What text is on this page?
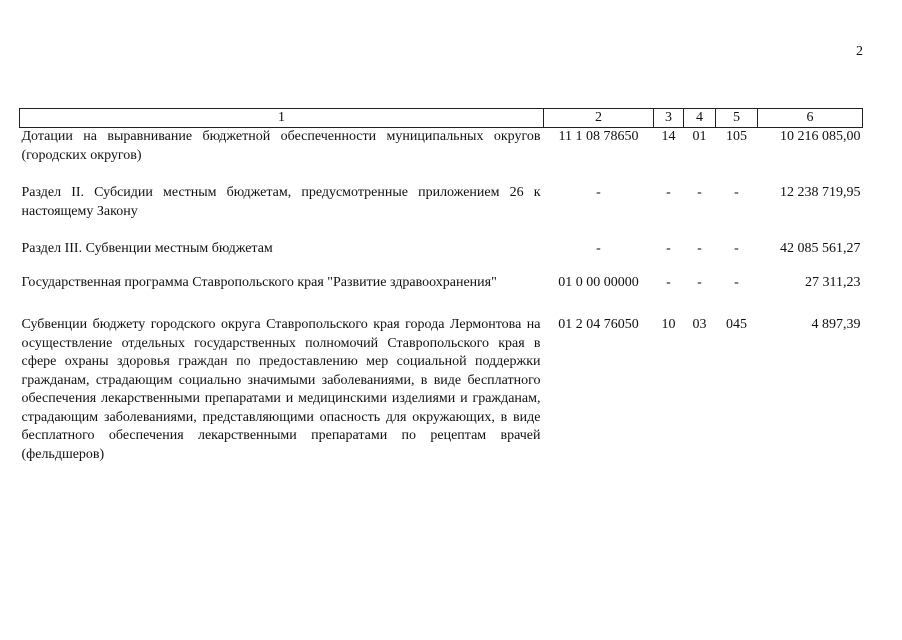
2
1	2	3	4	5	6
Дотации на выравнивание бюджетной обеспеченности муниципальных округов (городских округов)	11 1 08 78650	14	01	105	10 216 085,00
Раздел II. Субсидии местным бюджетам, предусмотренные приложением 26 к настоящему Закону	-	-	-	-	12 238 719,95
Раздел III. Субвенции местным бюджетам	-	-	-	-	42 085 561,27
Государственная программа Ставропольского края "Развитие здравоохранения"	01 0 00 00000	-	-	-	27 311,23
Субвенции бюджету городского округа Ставропольского края города Лермонтова на осуществление отдельных государственных полномочий Ставропольского края в сфере охраны здоровья граждан по предоставлению мер социальной поддержки гражданам, страдающим социально значимыми заболеваниями, в виде бесплатного обеспечения лекарственными препаратами и медицинскими изделиями и гражданам, страдающим заболеваниями, представляющими опасность для окружающих, в виде бесплатного обеспечения лекарственными препаратами по рецептам врачей (фельдшеров)	01 2 04 76050	10	03	045	4 897,39
